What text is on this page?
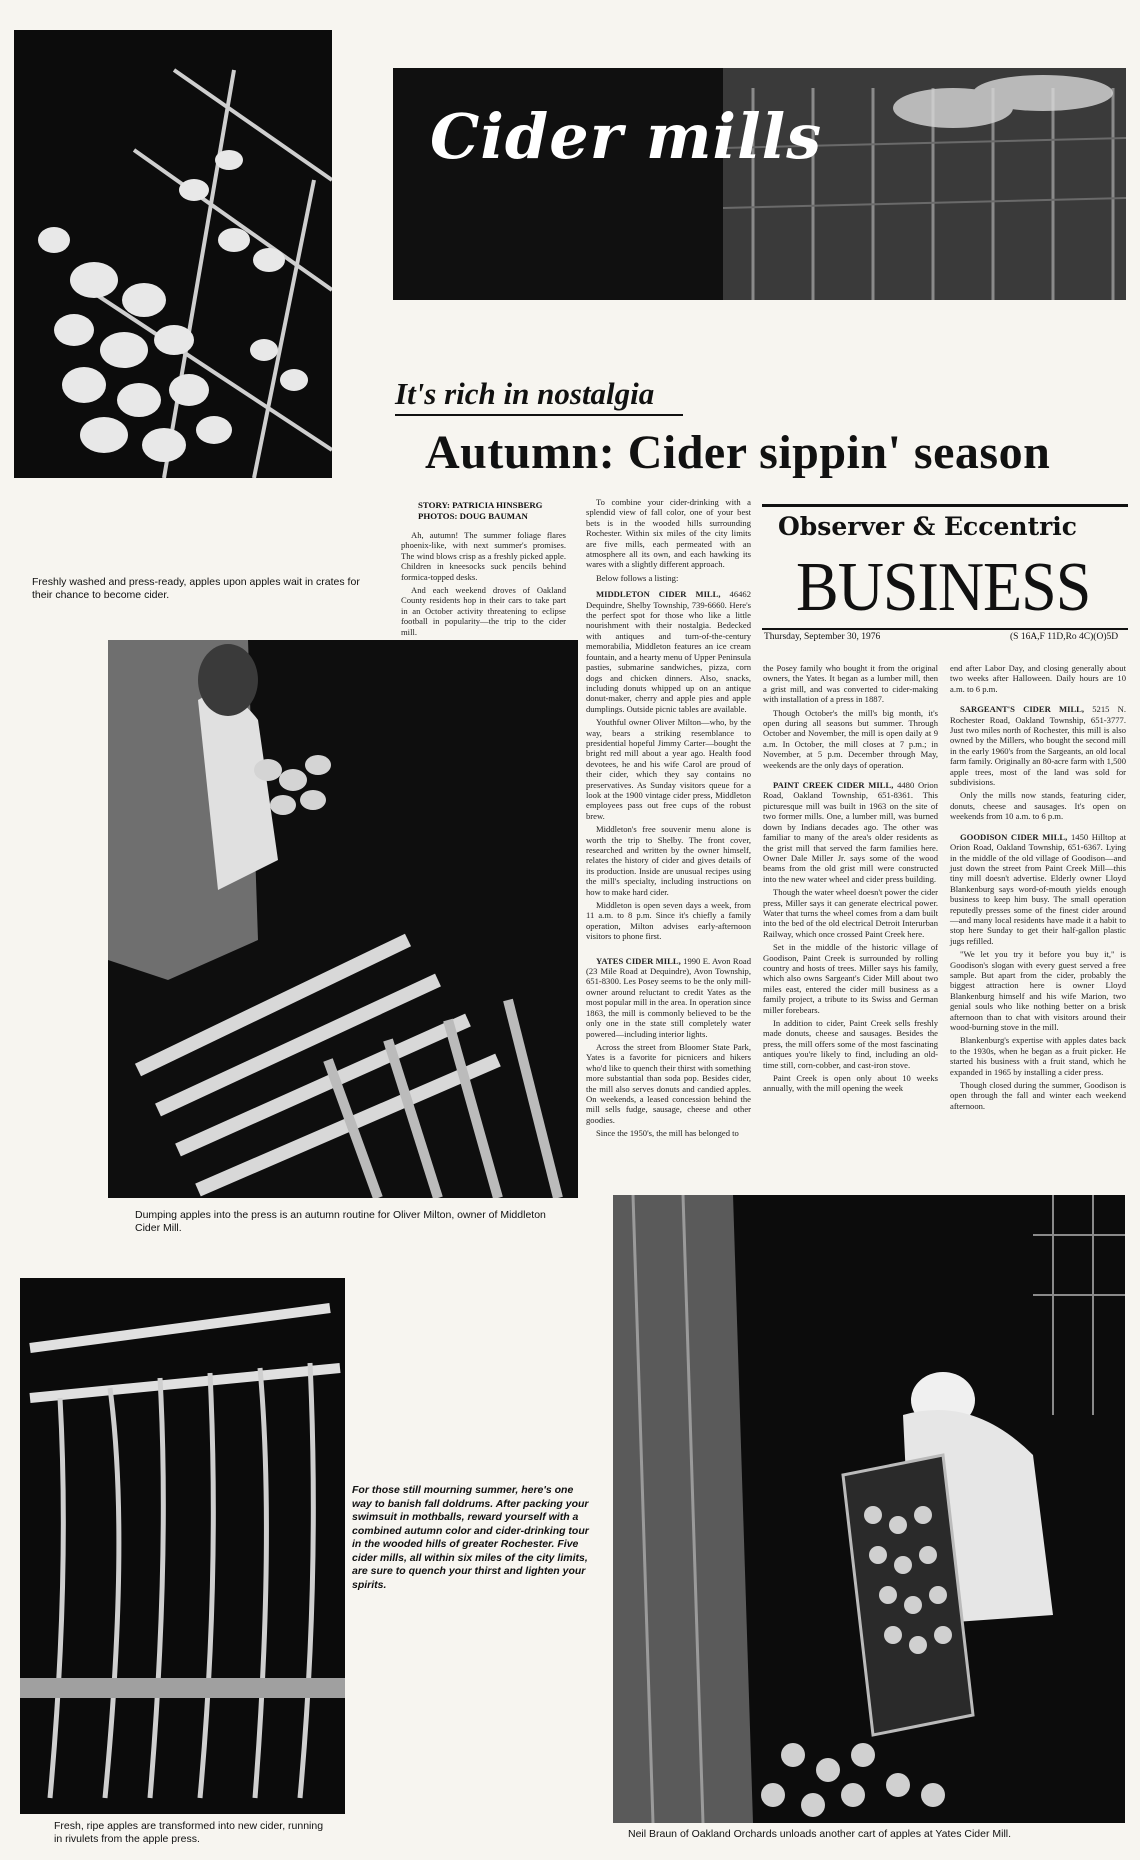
Cider mills
Freshly washed and press-ready, apples upon apples wait in crates for their chance to become cider.
Dumping apples into the press is an autumn routine for Oliver Milton, owner of Middleton Cider Mill.
Fresh, ripe apples are transformed into new cider, running in rivulets from the apple press.	Neil Braun of Oakland Orchards unloads another cart of apples at Yates Cider Mill.
It's rich in nostalgia
Autumn: Cider sippin' season
STORY: PATRICIA HINSBERG
PHOTOS: DOUG BAUMAN	Observer & Eccentric
BUSINESS
Thursday, September 30, 1976	(S 16A,F 11D,Ro 4C)(O)5D

Ah, autumn! The summer foliage flares phoenix-like, with next summer's promises. The wind blows crisp as a freshly picked apple. Children in kneesocks suck pencils behind formica-topped desks.

And each weekend droves of Oakland County residents hop in their cars to take part in an October activity threatening to eclipse football in popularity—the trip to the cider mill.

To combine your cider-drinking with a splendid view of fall color, one of your best bets is in the wooded hills surrounding Rochester. Within six miles of the city limits are five mills, each permeated with an atmosphere all its own, and each hawking its wares with a slightly different approach.

Below follows a listing:

MIDDLETON CIDER MILL, 46462 Dequindre, Shelby Township, 739-6660. Here's the perfect spot for those who like a little nourishment with their nostalgia. Bedecked with antiques and turn-of-the-century memorabilia, Middleton features an ice cream fountain, and a hearty menu of Upper Peninsula pasties, submarine sandwiches, pizza, corn dogs and chicken dinners. Also, snacks, including donuts whipped up on an antique donut-maker, cherry and apple pies and apple dumplings. Outside picnic tables are available.

Youthful owner Oliver Milton—who, by the way, bears a striking resemblance to presidential hopeful Jimmy Carter—bought the bright red mill about a year ago. Health food devotees, he and his wife Carol are proud of their cider, which they say contains no preservatives. As Sunday visitors queue for a look at the 1900 vintage cider press, Middleton employees pass out free cups of the robust brew.

Middleton's free souvenir menu alone is worth the trip to Shelby. The front cover, researched and written by the owner himself, relates the history of cider and gives details of its production. Inside are unusual recipes using the mill's specialty, including instructions on how to make hard cider.

Middleton is open seven days a week, from 11 a.m. to 8 p.m. Since it's chiefly a family operation, Milton advises early-afternoon visitors to phone first.

YATES CIDER MILL, 1990 E. Avon Road (23 Mile Road at Dequindre), Avon Township, 651-8300. Les Posey seems to be the only mill-owner around reluctant to credit Yates as the most popular mill in the area. In operation since 1863, the mill is commonly believed to be the only one in the state still completely water powered—including interior lights.

Across the street from Bloomer State Park, Yates is a favorite for picnicers and hikers who'd like to quench their thirst with something more substantial than soda pop. Besides cider, the mill also serves donuts and candied apples. On weekends, a leased concession behind the mill sells fudge, sausage, cheese and other goodies.

Since the 1950's, the mill has belonged to

the Posey family who bought it from the original owners, the Yates. It began as a lumber mill, then a grist mill, and was converted to cider-making with installation of a press in 1887.

Though October's the mill's big month, it's open during all seasons but summer. Through October and November, the mill is open daily at 9 a.m. In October, the mill closes at 7 p.m.; in November, at 5 p.m. December through May, weekends are the only days of operation.

PAINT CREEK CIDER MILL, 4480 Orion Road, Oakland Township, 651-8361. This picturesque mill was built in 1963 on the site of two former mills. One, a lumber mill, was burned down by Indians decades ago. The other was familiar to many of the area's older residents as the grist mill that served the farm families here. Owner Dale Miller Jr. says some of the wood beams from the old grist mill were constructed into the new water wheel and cider press building.

Though the water wheel doesn't power the cider press, Miller says it can generate electrical power. Water that turns the wheel comes from a dam built into the bed of the old electrical Detroit Interurban Railway, which once crossed Paint Creek here.

Set in the middle of the historic village of Goodison, Paint Creek is surrounded by rolling country and hosts of trees. Miller says his family, which also owns Sargeant's Cider Mill about two miles east, entered the cider mill business as a family project, a tribute to its Swiss and German miller forebears.

In addition to cider, Paint Creek sells freshly made donuts, cheese and sausages. Besides the press, the mill offers some of the most fascinating antiques you're likely to find, including an old-time still, corn-cobber, and cast-iron stove.

Paint Creek is open only about 10 weeks annually, with the mill opening the week

end after Labor Day, and closing generally about two weeks after Halloween. Daily hours are 10 a.m. to 6 p.m.

SARGEANT'S CIDER MILL, 5215 N. Rochester Road, Oakland Township, 651-3777. Just two miles north of Rochester, this mill is also owned by the Millers, who bought the second mill in the early 1960's from the Sargeants, an old local farm family. Originally an 80-acre farm with 1,500 apple trees, most of the land was sold for subdivisions.

Only the mills now stands, featuring cider, donuts, cheese and sausages. It's open on weekends from 10 a.m. to 6 p.m.

GOODISON CIDER MILL, 1450 Hilltop at Orion Road, Oakland Township, 651-6367. Lying in the middle of the old village of Goodison—and just down the street from Paint Creek Mill—this tiny mill doesn't advertise. Elderly owner Lloyd Blankenburg says word-of-mouth yields enough business to keep him busy. The small operation reputedly presses some of the finest cider around—and many local residents have made it a habit to stop here Sunday to get their half-gallon plastic jugs refilled.

"We let you try it before you buy it," is Goodison's slogan with every guest served a free sample. But apart from the cider, probably the biggest attraction here is owner Lloyd Blankenburg himself and his wife Marion, two genial souls who like nothing better on a brisk afternoon than to chat with visitors around their wood-burning stove in the mill.

Blankenburg's expertise with apples dates back to the 1930s, when he began as a fruit picker. He started his business with a fruit stand, which he expanded in 1965 by installing a cider press.

Though closed during the summer, Goodison is open through the fall and winter each weekend afternoon.

For those still mourning summer, here's one way to banish fall doldrums. After packing your swimsuit in mothballs, reward yourself with a combined autumn color and cider-drinking tour in the wooded hills of greater Rochester. Five cider mills, all within six miles of the city limits, are sure to quench your thirst and lighten your spirits.
